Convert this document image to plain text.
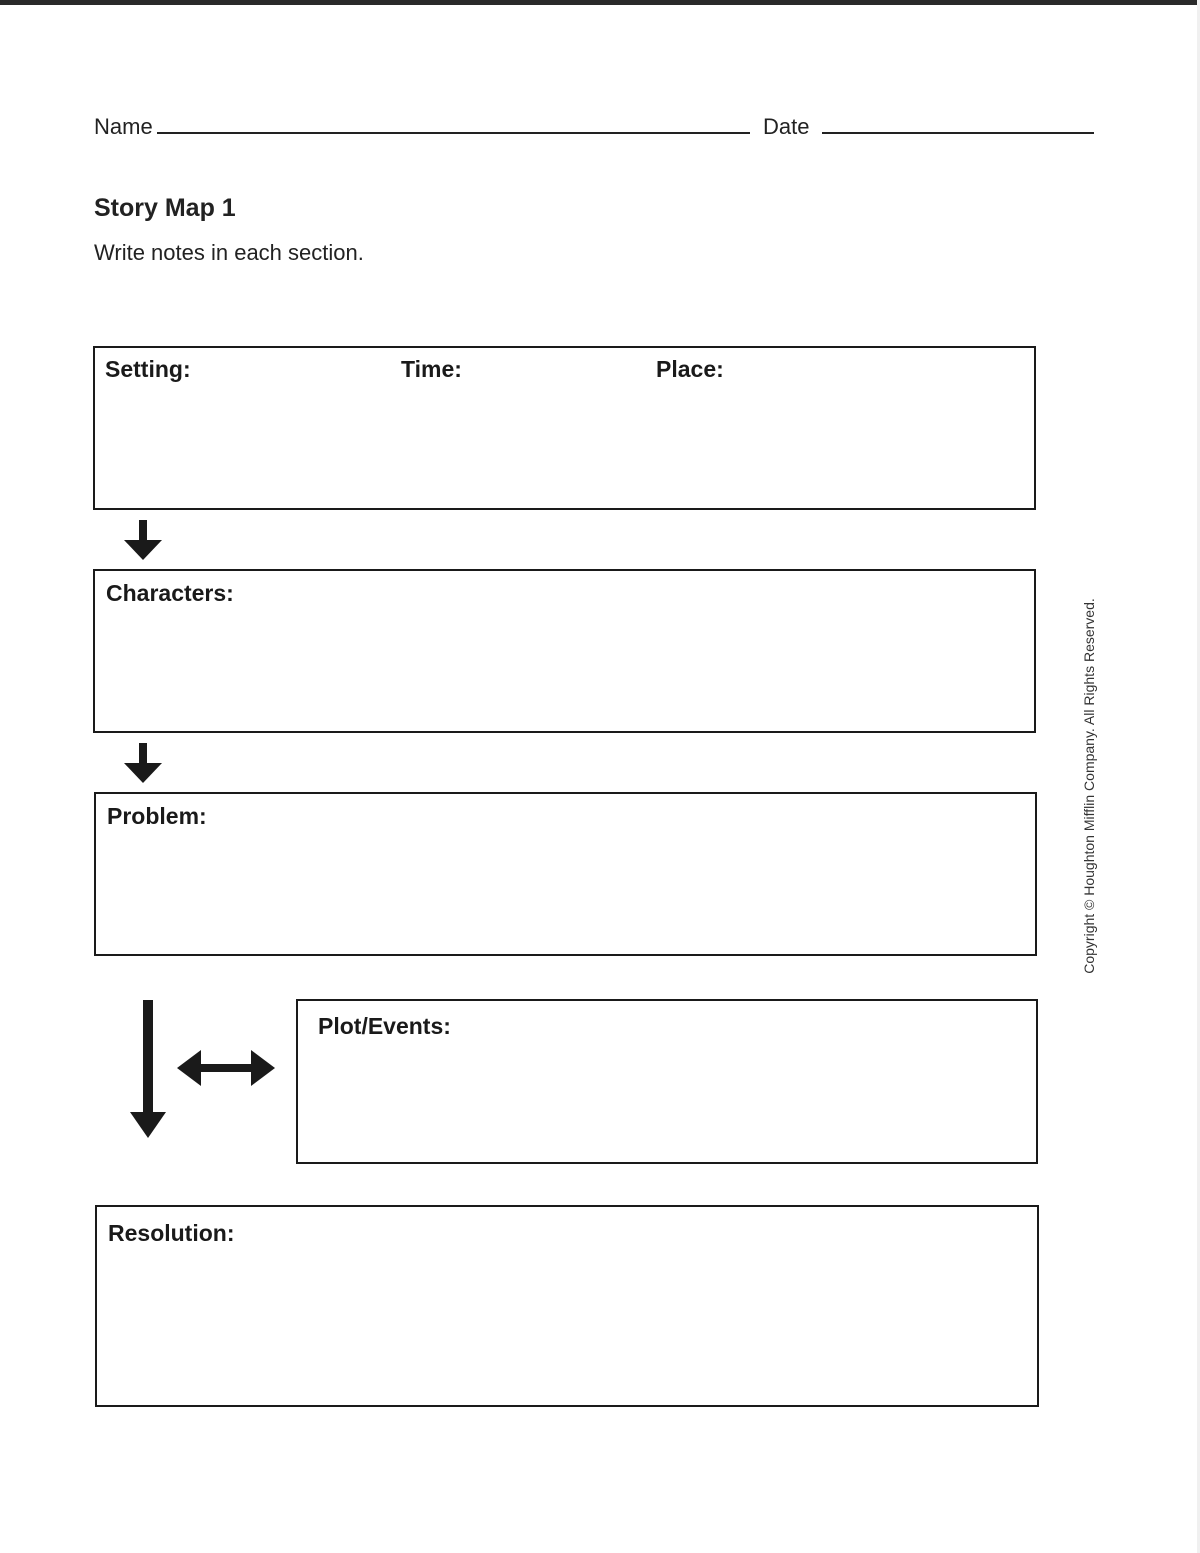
Name	Date
Story Map 1
Write notes in each section.
Setting:	Time:	Place:
Characters:
Problem:
Plot/Events:
Resolution:
Copyright © Houghton Mifflin Company. All Rights Reserved.
